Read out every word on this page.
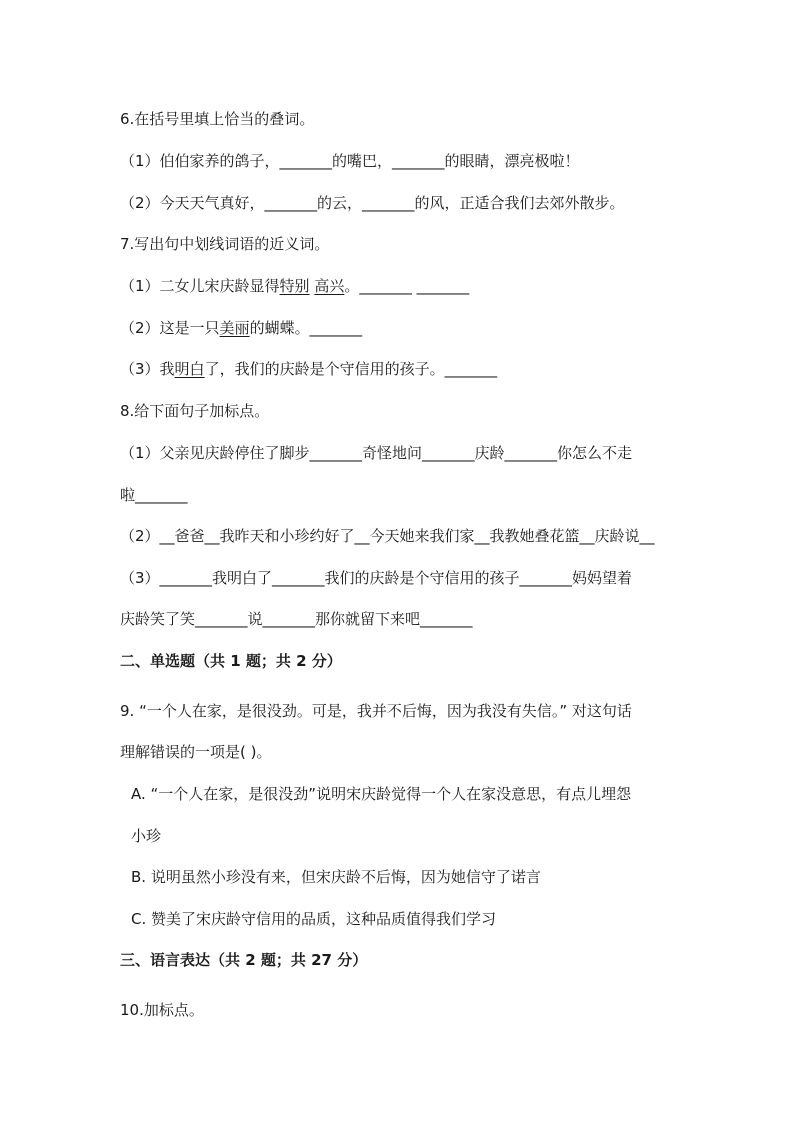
6.在括号里填上恰当的叠词。
（1）伯伯家养的鸽子，_______的嘴巴，_______的眼睛，漂亮极啦！
（2）今天天气真好，_______的云，_______的风，正适合我们去郊外散步。
7.写出句中划线词语的近义词。
（1）二女儿宋庆龄显得特别 高兴。_______ _______
（2）这是一只美丽的蝴蝶。_______
（3）我明白了，我们的庆龄是个守信用的孩子。_______
8.给下面句子加标点。
（1）父亲见庆龄停住了脚步_______奇怪地问_______庆龄_______你怎么不走
啦_______
（2）__爸爸__我昨天和小珍约好了__今天她来我们家__我教她叠花篮__庆龄说__
（3）_______我明白了_______我们的庆龄是个守信用的孩子_______妈妈望着
庆龄笑了笑_______说_______那你就留下来吧_______
二、单选题（共 1 题；共 2 分）
9. “一个人在家，是很没劲。可是，我并不后悔，因为我没有失信。” 对这句话
理解错误的一项是( )。
A. “一个人在家，是很没劲”说明宋庆龄觉得一个人在家没意思，有点儿埋怨
小珍
B. 说明虽然小珍没有来，但宋庆龄不后悔，因为她信守了诺言
C. 赞美了宋庆龄守信用的品质，这种品质值得我们学习
三、语言表达（共 2 题；共 27 分）
10.加标点。
